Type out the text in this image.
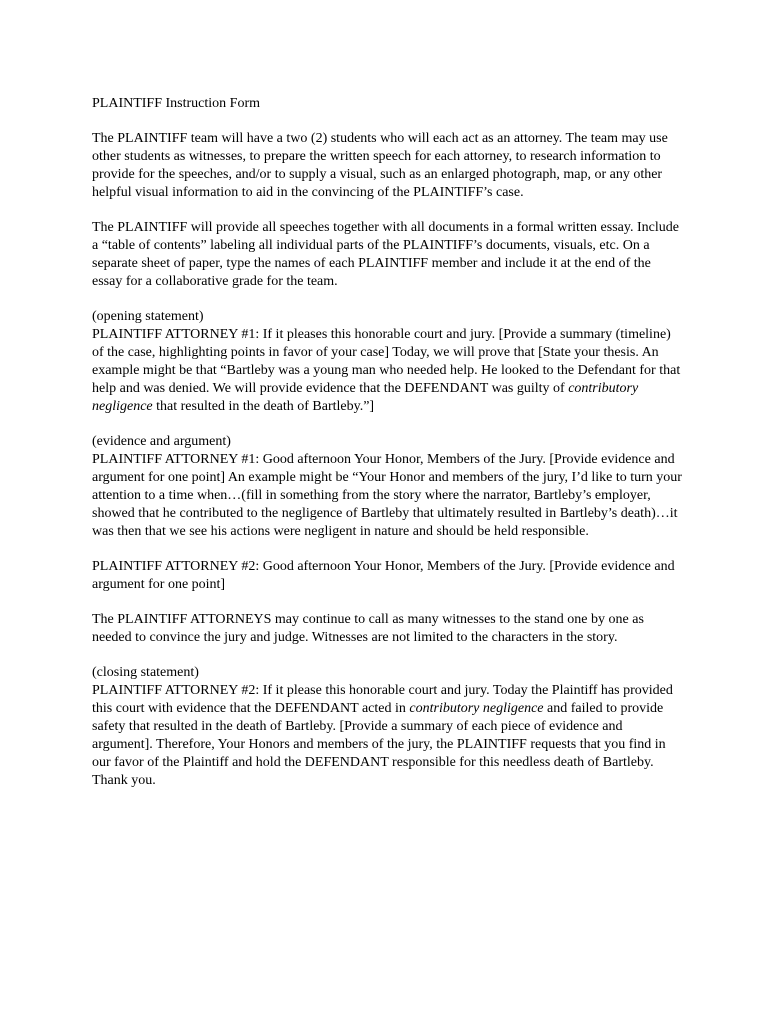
PLAINTIFF Instruction Form

The PLAINTIFF team will have a two (2) students who will each act as an attorney. The team may use other students as witnesses, to prepare the written speech for each attorney, to research information to provide for the speeches, and/or to supply a visual, such as an enlarged photograph, map, or any other helpful visual information to aid in the convincing of the PLAINTIFF’s case.

The PLAINTIFF will provide all speeches together with all documents in a formal written essay. Include a “table of contents” labeling all individual parts of the PLAINTIFF’s documents, visuals, etc. On a separate sheet of paper, type the names of each PLAINTIFF member and include it at the end of the essay for a collaborative grade for the team.

(opening statement)
PLAINTIFF ATTORNEY #1: If it pleases this honorable court and jury. [Provide a summary (timeline) of the case, highlighting points in favor of your case] Today, we will prove that [State your thesis. An example might be that “Bartleby was a young man who needed help. He looked to the Defendant for that help and was denied. We will provide evidence that the DEFENDANT was guilty of contributory negligence that resulted in the death of Bartleby.”]

(evidence and argument)
PLAINTIFF ATTORNEY #1: Good afternoon Your Honor, Members of the Jury. [Provide evidence and argument for one point] An example might be “Your Honor and members of the jury, I’d like to turn your attention to a time when…(fill in something from the story where the narrator, Bartleby’s employer, showed that he contributed to the negligence of Bartleby that ultimately resulted in Bartleby’s death)…it was then that we see his actions were negligent in nature and should be held responsible.

PLAINTIFF ATTORNEY #2: Good afternoon Your Honor, Members of the Jury. [Provide evidence and argument for one point]

The PLAINTIFF ATTORNEYS may continue to call as many witnesses to the stand one by one as needed to convince the jury and judge. Witnesses are not limited to the characters in the story.

(closing statement)
PLAINTIFF ATTORNEY #2: If it please this honorable court and jury. Today the Plaintiff has provided this court with evidence that the DEFENDANT acted in contributory negligence and failed to provide safety that resulted in the death of Bartleby. [Provide a summary of each piece of evidence and argument]. Therefore, Your Honors and members of the jury, the PLAINTIFF requests that you find in our favor of the Plaintiff and hold the DEFENDANT responsible for this needless death of Bartleby. Thank you.
